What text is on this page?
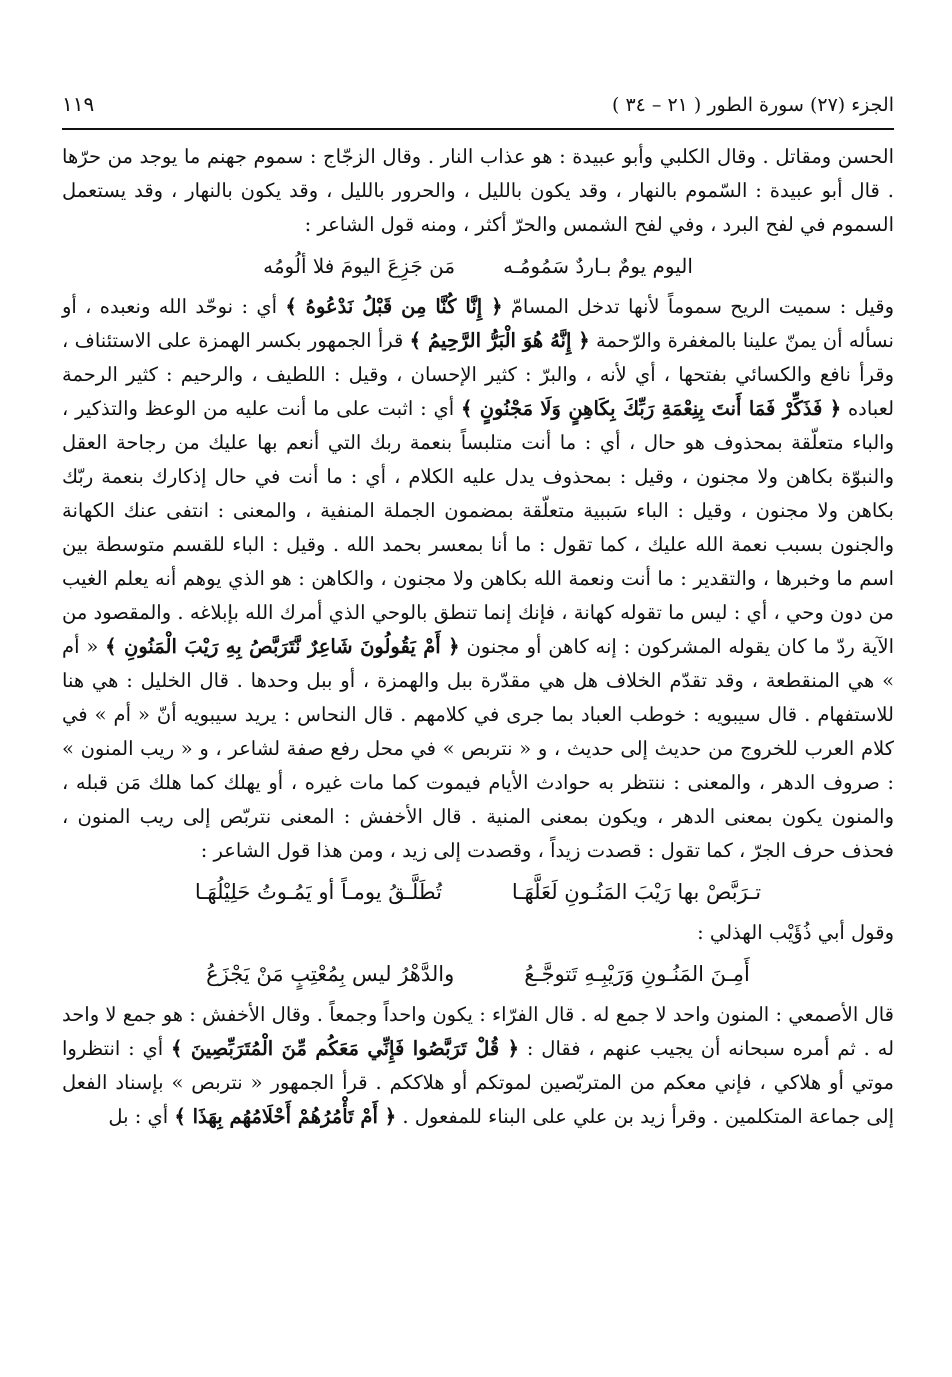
الجزء (٢٧) سورة الطور ( ٢١ – ٣٤ )
١١٩

الحسن ومقاتل . وقال الكلبي وأبو عبيدة : هو عذاب النار . وقال الزجّاج : سموم جهنم ما يوجد من حرّها . قال أبو عبيدة : السّموم بالنهار ، وقد يكون بالليل ، والحرور بالليل ، وقد يكون بالنهار ، وقد يستعمل السموم في لفح البرد ، وفي لفح الشمس والحرّ أكثر ، ومنه قول الشاعر :

اليوم يومٌ بـاردٌ سَمُومُـه
مَن جَزِعَ اليومَ فلا ألُومُه

وقيل : سميت الريح سموماً لأنها تدخل المسامّ ﴿ إِنَّا كُنَّا مِن قَبْلُ نَدْعُوهُ ﴾ أي : نوحّد الله ونعبده ، أو نسأله أن يمنّ علينا بالمغفرة والرّحمة ﴿ إِنَّهُ هُوَ الْبَرُّ الرَّحِيمُ ﴾ قرأ الجمهور بكسر الهمزة على الاستئناف ، وقرأ نافع والكسائي بفتحها ، أي لأنه ، والبرّ : كثير الإحسان ، وقيل : اللطيف ، والرحيم : كثير الرحمة لعباده ﴿ فَذَكِّرْ فَمَا أَنتَ بِنِعْمَةِ رَبِّكَ بِكَاهِنٍ وَلَا مَجْنُونٍ ﴾ أي : اثبت على ما أنت عليه من الوعظ والتذكير ، والباء متعلّقة بمحذوف هو حال ، أي : ما أنت متلبساً بنعمة ربك التي أنعم بها عليك من رجاحة العقل والنبوّة بكاهن ولا مجنون ، وقيل : بمحذوف يدل عليه الكلام ، أي : ما أنت في حال إذكارك بنعمة ربّك بكاهن ولا مجنون ، وقيل : الباء سَببية متعلّقة بمضمون الجملة المنفية ، والمعنى : انتفى عنك الكهانة والجنون بسبب نعمة الله عليك ، كما تقول : ما أنا بمعسر بحمد الله . وقيل : الباء للقسم متوسطة بين اسم ما وخبرها ، والتقدير : ما أنت ونعمة الله بكاهن ولا مجنون ، والكاهن : هو الذي يوهم أنه يعلم الغيب من دون وحي ، أي : ليس ما تقوله كهانة ، فإنك إنما تنطق بالوحي الذي أمرك الله بإبلاغه . والمقصود من الآية ردّ ما كان يقوله المشركون : إنه كاهن أو مجنون ﴿ أَمْ يَقُولُونَ شَاعِرٌ نَّتَرَبَّصُ بِهِ رَيْبَ الْمَنُونِ ﴾ « أم » هي المنقطعة ، وقد تقدّم الخلاف هل هي مقدّرة ببل والهمزة ، أو ببل وحدها . قال الخليل : هي هنا للاستفهام . قال سيبويه : خوطب العباد بما جرى في كلامهم . قال النحاس : يريد سيبويه أنّ « أم » في كلام العرب للخروج من حديث إلى حديث ، و « نتربص » في محل رفع صفة لشاعر ، و « ريب المنون » : صروف الدهر ، والمعنى : ننتظر به حوادث الأيام فيموت كما مات غيره ، أو يهلك كما هلك مَن قبله ، والمنون يكون بمعنى الدهر ، ويكون بمعنى المنية . قال الأخفش : المعنى نتربّص إلى ريب المنون ، فحذف حرف الجرّ ، كما تقول : قصدت زيداً ، وقصدت إلى زيد ، ومن هذا قول الشاعر :

تـرَبَّصْ بها رَيْبَ المَنُـونِ لَعَلَّهَـا
تُطَلَّـقُ يومـاً أو يَمُـوتُ حَلِيْلُهَـا

وقول أبي ذُؤَيْب الهذلي :

أَمِـنَ المَنُـونِ وَرَيْبِـهِ تَتوجَّـعُ
والدَّهْرُ ليس بِمُعْتِبٍ مَنْ يَجْزَعُ

قال الأصمعي : المنون واحد لا جمع له . قال الفرّاء : يكون واحداً وجمعاً . وقال الأخفش : هو جمع لا واحد له . ثم أمره سبحانه أن يجيب عنهم ، فقال : ﴿ قُلْ تَرَبَّصُوا فَإِنِّي مَعَكُم مِّنَ الْمُتَرَبِّصِينَ ﴾ أي : انتظروا موتي أو هلاكي ، فإني معكم من المتربّصين لموتكم أو هلاككم . قرأ الجمهور « نتربص » بإسناد الفعل إلى جماعة المتكلمين . وقرأ زيد بن علي على البناء للمفعول . ﴿ أَمْ تَأْمُرُهُمْ أَحْلَامُهُم بِهَذَا ﴾ أي : بل
